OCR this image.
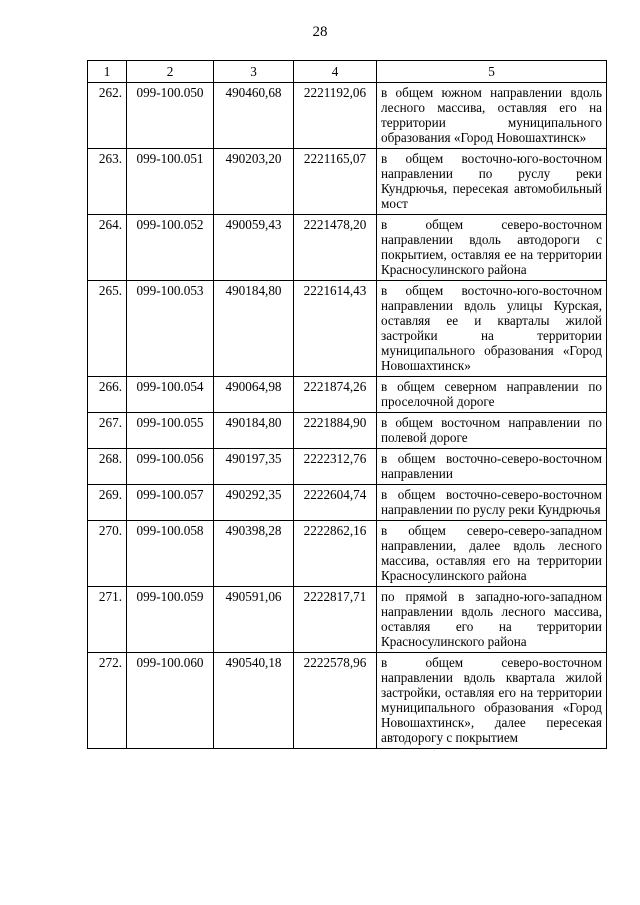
28
1	2	3	4	5
262.	099-100.050	490460,68	2221192,06	в общем южном направлении вдоль лесного массива, оставляя его на территории муниципального образования «Город Новошахтинск»
263.	099-100.051	490203,20	2221165,07	в общем восточно-юго-восточном направлении по руслу реки Кундрючья, пересекая автомобильный мост
264.	099-100.052	490059,43	2221478,20	в общем северо-восточном направлении вдоль автодороги с покрытием, оставляя ее на территории Красносулинского района
265.	099-100.053	490184,80	2221614,43	в общем восточно-юго-восточном направлении вдоль улицы Курская, оставляя ее и кварталы жилой застройки на территории муниципального образования «Город Новошахтинск»
266.	099-100.054	490064,98	2221874,26	в общем северном направлении по проселочной дороге
267.	099-100.055	490184,80	2221884,90	в общем восточном направлении по полевой дороге
268.	099-100.056	490197,35	2222312,76	в общем восточно-северо-восточном направлении
269.	099-100.057	490292,35	2222604,74	в общем восточно-северо-восточном направлении по руслу реки Кундрючья
270.	099-100.058	490398,28	2222862,16	в общем северо-северо-западном направлении, далее вдоль лесного массива, оставляя его на территории Красносулинского района
271.	099-100.059	490591,06	2222817,71	по прямой в западно-юго-западном направлении вдоль лесного массива, оставляя его на территории Красносулинского района
272.	099-100.060	490540,18	2222578,96	в общем северо-восточном направлении вдоль квартала жилой застройки, оставляя его на территории муниципального образования «Город Новошахтинск», далее пересекая автодорогу с покрытием
